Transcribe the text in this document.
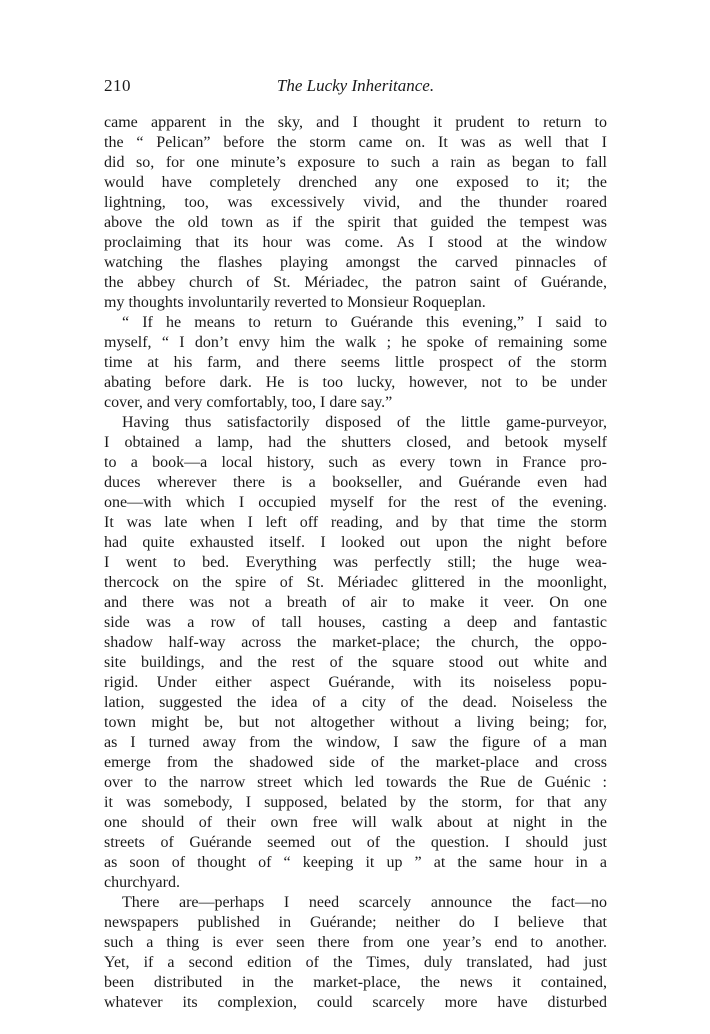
210	The Lucky Inheritance.
came apparent in the sky, and I thought it prudent to return to
the “ Pelican” before the storm came on. It was as well that I
did so, for one minute’s exposure to such a rain as began to fall
would have completely drenched any one exposed to it; the
lightning, too, was excessively vivid, and the thunder roared
above the old town as if the spirit that guided the tempest was
proclaiming that its hour was come. As I stood at the window
watching the flashes playing amongst the carved pinnacles of
the abbey church of St. Mériadec, the patron saint of Guérande,
my thoughts involuntarily reverted to Monsieur Roqueplan.
“ If he means to return to Guérande this evening,” I said to
myself, “ I don’t envy him the walk ; he spoke of remaining some
time at his farm, and there seems little prospect of the storm
abating before dark. He is too lucky, however, not to be under
cover, and very comfortably, too, I dare say.”
Having thus satisfactorily disposed of the little game-purveyor,
I obtained a lamp, had the shutters closed, and betook myself
to a book—a local history, such as every town in France pro-
duces wherever there is a bookseller, and Guérande even had
one—with which I occupied myself for the rest of the evening.
It was late when I left off reading, and by that time the storm
had quite exhausted itself. I looked out upon the night before
I went to bed. Everything was perfectly still; the huge wea-
thercock on the spire of St. Mériadec glittered in the moonlight,
and there was not a breath of air to make it veer. On one
side was a row of tall houses, casting a deep and fantastic
shadow half-way across the market-place; the church, the oppo-
site buildings, and the rest of the square stood out white and
rigid. Under either aspect Guérande, with its noiseless popu-
lation, suggested the idea of a city of the dead. Noiseless the
town might be, but not altogether without a living being; for,
as I turned away from the window, I saw the figure of a man
emerge from the shadowed side of the market-place and cross
over to the narrow street which led towards the Rue de Guénic :
it was somebody, I supposed, belated by the storm, for that any
one should of their own free will walk about at night in the
streets of Guérande seemed out of the question. I should just
as soon of thought of “ keeping it up ” at the same hour in a
churchyard.
There are—perhaps I need scarcely announce the fact—no
newspapers published in Guérande; neither do I believe that
such a thing is ever seen there from one year’s end to another.
Yet, if a second edition of the Times, duly translated, had just
been distributed in the market-place, the news it contained,
whatever its complexion, could scarcely more have disturbed
